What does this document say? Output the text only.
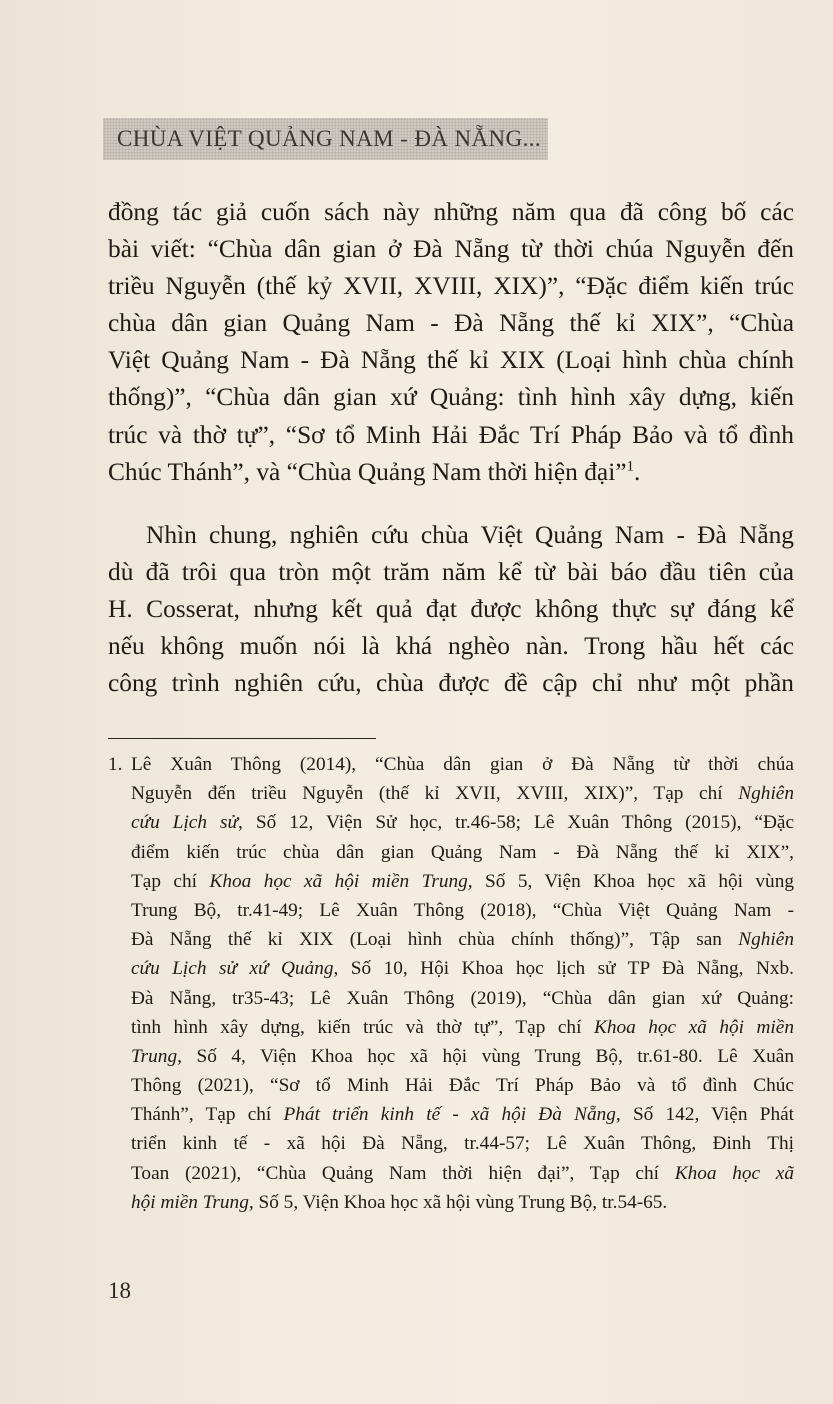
CHÙA VIỆT QUẢNG NAM - ĐÀ NẴNG...
đồng tác giả cuốn sách này những năm qua đã công bố các
bài viết: “Chùa dân gian ở Đà Nẵng từ thời chúa Nguyễn đến
triều Nguyễn (thế kỷ XVII, XVIII, XIX)”, “Đặc điểm kiến trúc
chùa dân gian Quảng Nam - Đà Nẵng thế kỉ XIX”, “Chùa
Việt Quảng Nam - Đà Nẵng thế kỉ XIX (Loại hình chùa chính
thống)”, “Chùa dân gian xứ Quảng: tình hình xây dựng, kiến
trúc và thờ tự”, “Sơ tổ Minh Hải Đắc Trí Pháp Bảo và tổ đình
Chúc Thánh”, và “Chùa Quảng Nam thời hiện đại”$^1$.
Nhìn chung, nghiên cứu chùa Việt Quảng Nam - Đà Nẵng
dù đã trôi qua tròn một trăm năm kể từ bài báo đầu tiên của
H. Cosserat, nhưng kết quả đạt được không thực sự đáng kể
nếu không muốn nói là khá nghèo nàn. Trong hầu hết các
công trình nghiên cứu, chùa được đề cập chỉ như một phần
1. Lê Xuân Thông (2014), “Chùa dân gian ở Đà Nẵng từ thời chúa
Nguyễn đến triều Nguyễn (thế kỉ XVII, XVIII, XIX)”, Tạp chí Nghiên
cứu Lịch sử, Số 12, Viện Sử học, tr.46-58; Lê Xuân Thông (2015), “Đặc
điểm kiến trúc chùa dân gian Quảng Nam - Đà Nẵng thế kỉ XIX”,
Tạp chí Khoa học xã hội miền Trung, Số 5, Viện Khoa học xã hội vùng
Trung Bộ, tr.41-49; Lê Xuân Thông (2018), “Chùa Việt Quảng Nam -
Đà Nẵng thế kỉ XIX (Loại hình chùa chính thống)”, Tập san Nghiên
cứu Lịch sử xứ Quảng, Số 10, Hội Khoa học lịch sử TP Đà Nẵng, Nxb.
Đà Nẵng, tr35-43; Lê Xuân Thông (2019), “Chùa dân gian xứ Quảng:
tình hình xây dựng, kiến trúc và thờ tự”, Tạp chí Khoa học xã hội miền
Trung, Số 4, Viện Khoa học xã hội vùng Trung Bộ, tr.61-80. Lê Xuân
Thông (2021), “Sơ tổ Minh Hải Đắc Trí Pháp Bảo và tổ đình Chúc
Thánh”, Tạp chí Phát triển kinh tế - xã hội Đà Nẵng, Số 142, Viện Phát
triển kinh tế - xã hội Đà Nẵng, tr.44-57; Lê Xuân Thông, Đinh Thị
Toan (2021), “Chùa Quảng Nam thời hiện đại”, Tạp chí Khoa học xã
hội miền Trung, Số 5, Viện Khoa học xã hội vùng Trung Bộ, tr.54-65.
18
